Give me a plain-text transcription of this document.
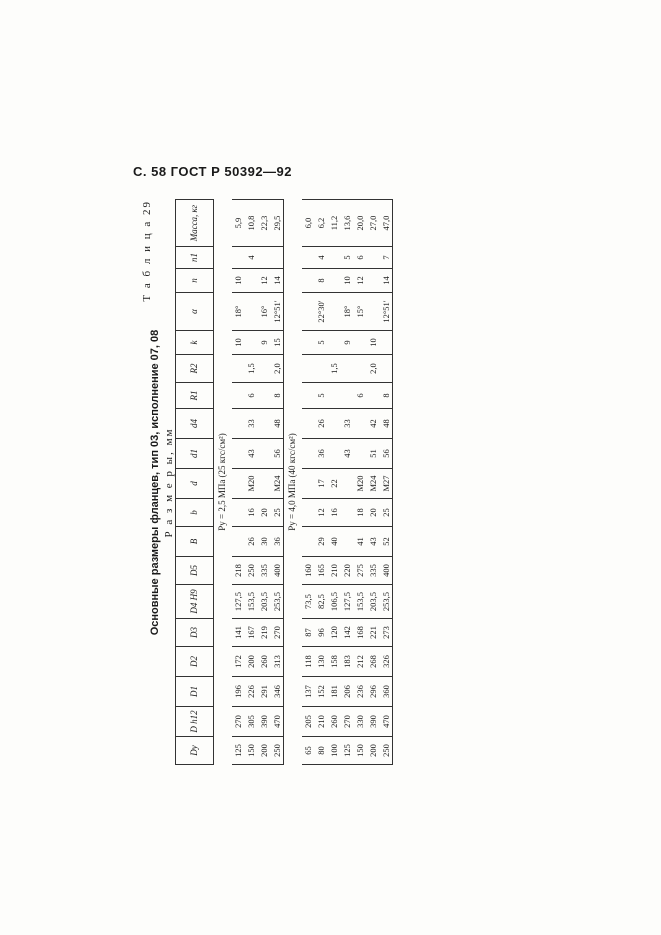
С. 58 ГОСТ Р 50392—92
Т а б л и ц а 29
Основные размеры фланцев, тип 03, исполнение 07, 08 Р а з м е р ы, мм
Dу	D h12	D1	D2	D3	D4 H9	D5	B	b	d	d1	d4	R1	R2	k	α	n	n1	Масса, кг
Pу = 2,5 МПа (25 кгс/см²)																		
125	270	196	172	141	127,5	218								10	18°	10		5,9
150	305	226	200	167	153,5	250	26	16	М20	43	33	6	1,5				4	10,8
200	390	291	260	219	203,5	335	30	20						9	16°	12		22,3
250	470	346	313	270	253,5	400	36	25	М24	56	48	8	2,0	15	12°51′	14		29,5
Pу = 4,0 МПа (40 кгс/см²)																		
65	205	137	118	87	73,5	160												6,0
80	210	152	130	96	82,5	165	29	12	17	36	26	5		5	22°30′	8	4	6,2
100	260	181	158	120	106,5	210	40	16	22				1,5					11,2
125	270	206	183	142	127,5	220				43	33			9	18°	10	5	13,6
150	330	236	212	168	153,5	275	41	18	М20			6			15°	12	6	20,0
200	390	296	268	221	203,5	335	43	20	М24	51	42		2,0	10				27,0
250	470	360	326	273	253,5	400	52	25	М27	56	48	8			12°51′	14	7	47,0
